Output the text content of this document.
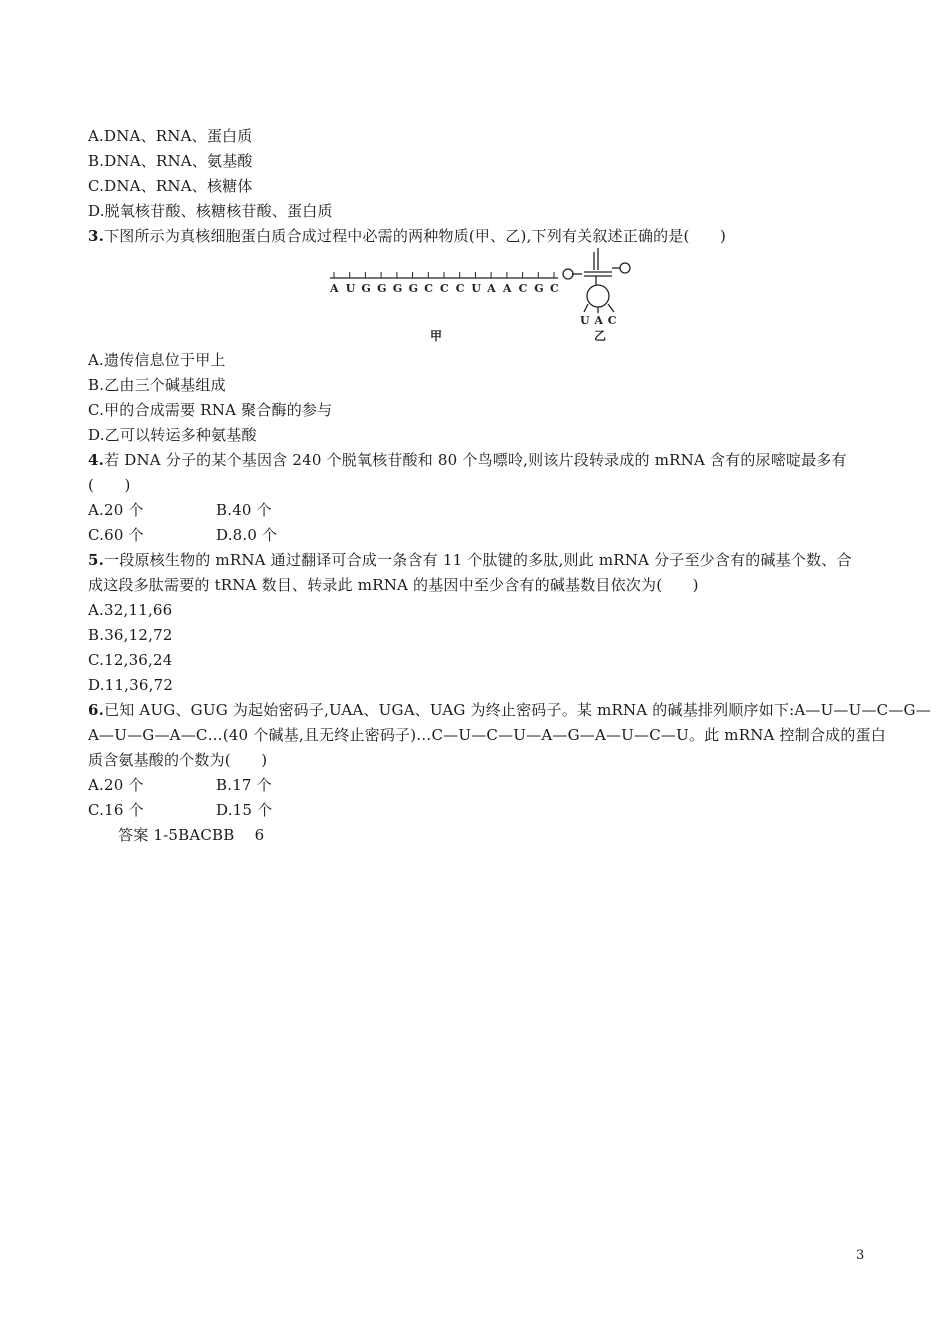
A.DNA、RNA、蛋白质
B.DNA、RNA、氨基酸
C.DNA、RNA、核糖体
D.脱氧核苷酸、核糖核苷酸、蛋白质
3.下图所示为真核细胞蛋白质合成过程中必需的两种物质(甲、乙),下列有关叙述正确的是(　　)
A U G G G G C C C U A A C G C
U A C
甲	乙
A.遗传信息位于甲上
B.乙由三个碱基组成
C.甲的合成需要 RNA 聚合酶的参与
D.乙可以转运多种氨基酸
4.若 DNA 分子的某个基因含 240 个脱氧核苷酸和 80 个鸟嘌呤,则该片段转录成的 mRNA 含有的尿嘧啶最多有
(　　)
A.20 个	B.40 个
C.60 个	D.8.0 个
5.一段原核生物的 mRNA 通过翻译可合成一条含有 11 个肽键的多肽,则此 mRNA 分子至少含有的碱基个数、合
成这段多肽需要的 tRNA 数目、转录此 mRNA 的基因中至少含有的碱基数目依次为(　　)
A.32,11,66
B.36,12,72
C.12,36,24
D.11,36,72
6.已知 AUG、GUG 为起始密码子,UAA、UGA、UAG 为终止密码子。某 mRNA 的碱基排列顺序如下:A—U—U—C—G—
A—U—G—A—C…(40 个碱基,且无终止密码子)…C—U—C—U—A—G—A—U—C—U。此 mRNA 控制合成的蛋白
质含氨基酸的个数为(　　)
A.20 个	B.17 个
C.16 个	D.15 个
答案 1-5BACBB　 6
3
